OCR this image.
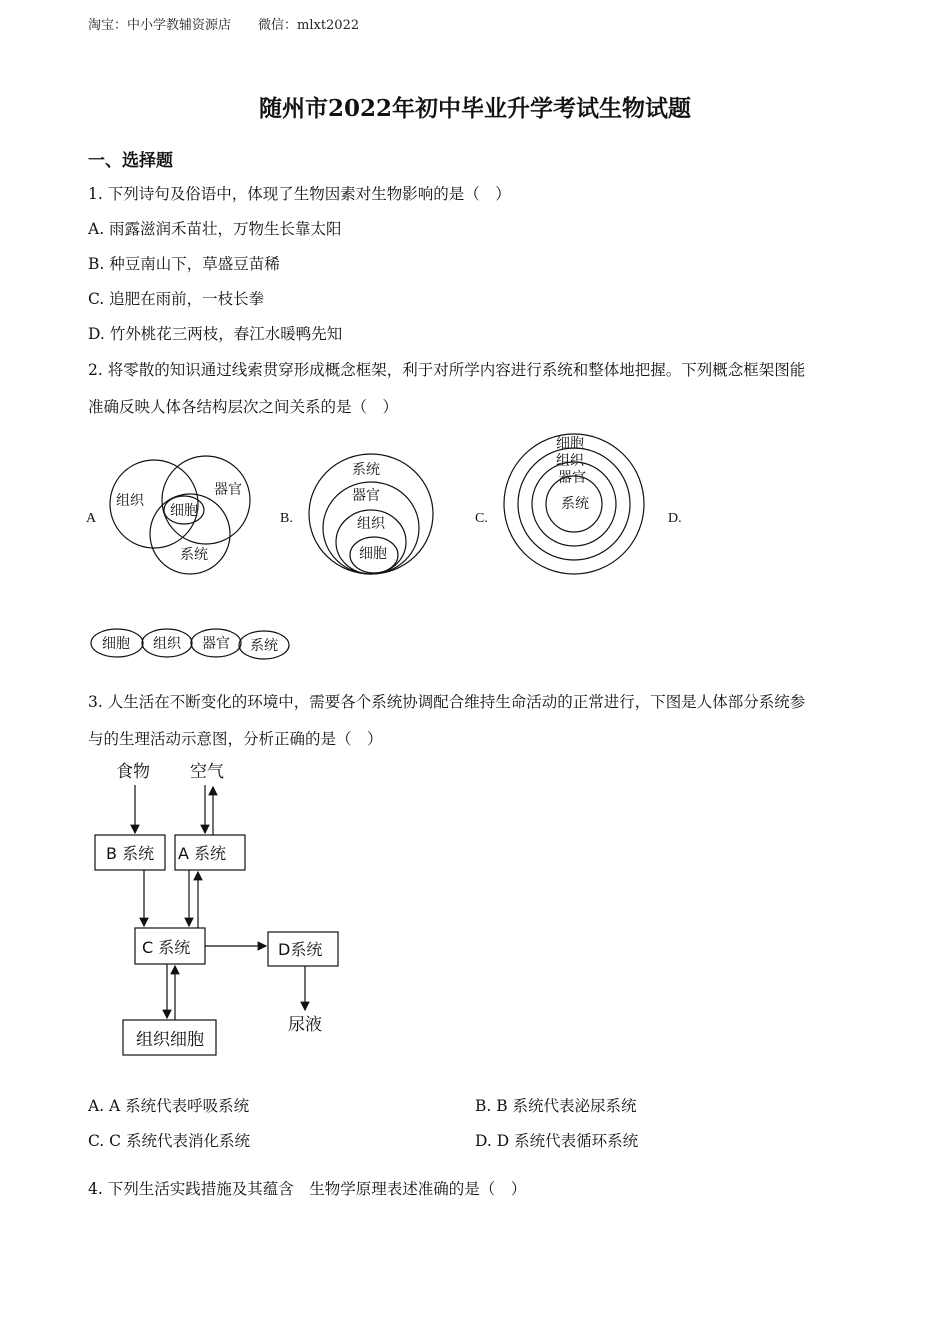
淘宝：中小学教辅资源店 微信：mlxt2022
随州市2022年初中毕业升学考试生物试题
一、选择题
1. 下列诗句及俗语中，体现了生物因素对生物影响的是（　）
A. 雨露滋润禾苗壮，万物生长靠太阳
B. 种豆南山下，草盛豆苗稀
C. 追肥在雨前，一枝长拳
D. 竹外桃花三两枝，春江水暖鸭先知
2. 将零散的知识通过线索贯穿形成概念框架，利于对所学内容进行系统和整体地把握。下列概念框架图能
准确反映人体各结构层次之间关系的是（　）
A
组织
器官
细胞
系统
B.
系统
器官
组织
细胞
C.
细胞
组织
器官
系统
D.
细胞 组织 器官 系统
3. 人生活在不断变化的环境中，需要各个系统协调配合维持生命活动的正常进行，下图是人体部分系统参
与的生理活动示意图，分析正确的是（　）
食物 空气
B 系统 A 系统
C 系统	D系统
尿液
组织细胞
A. A 系统代表呼吸系统	B. B 系统代表泌尿系统
C. C 系统代表消化系统	D. D 系统代表循环系统
4. 下列生活实践措施及其蕴含　生物学原理表述准确的是（　）
